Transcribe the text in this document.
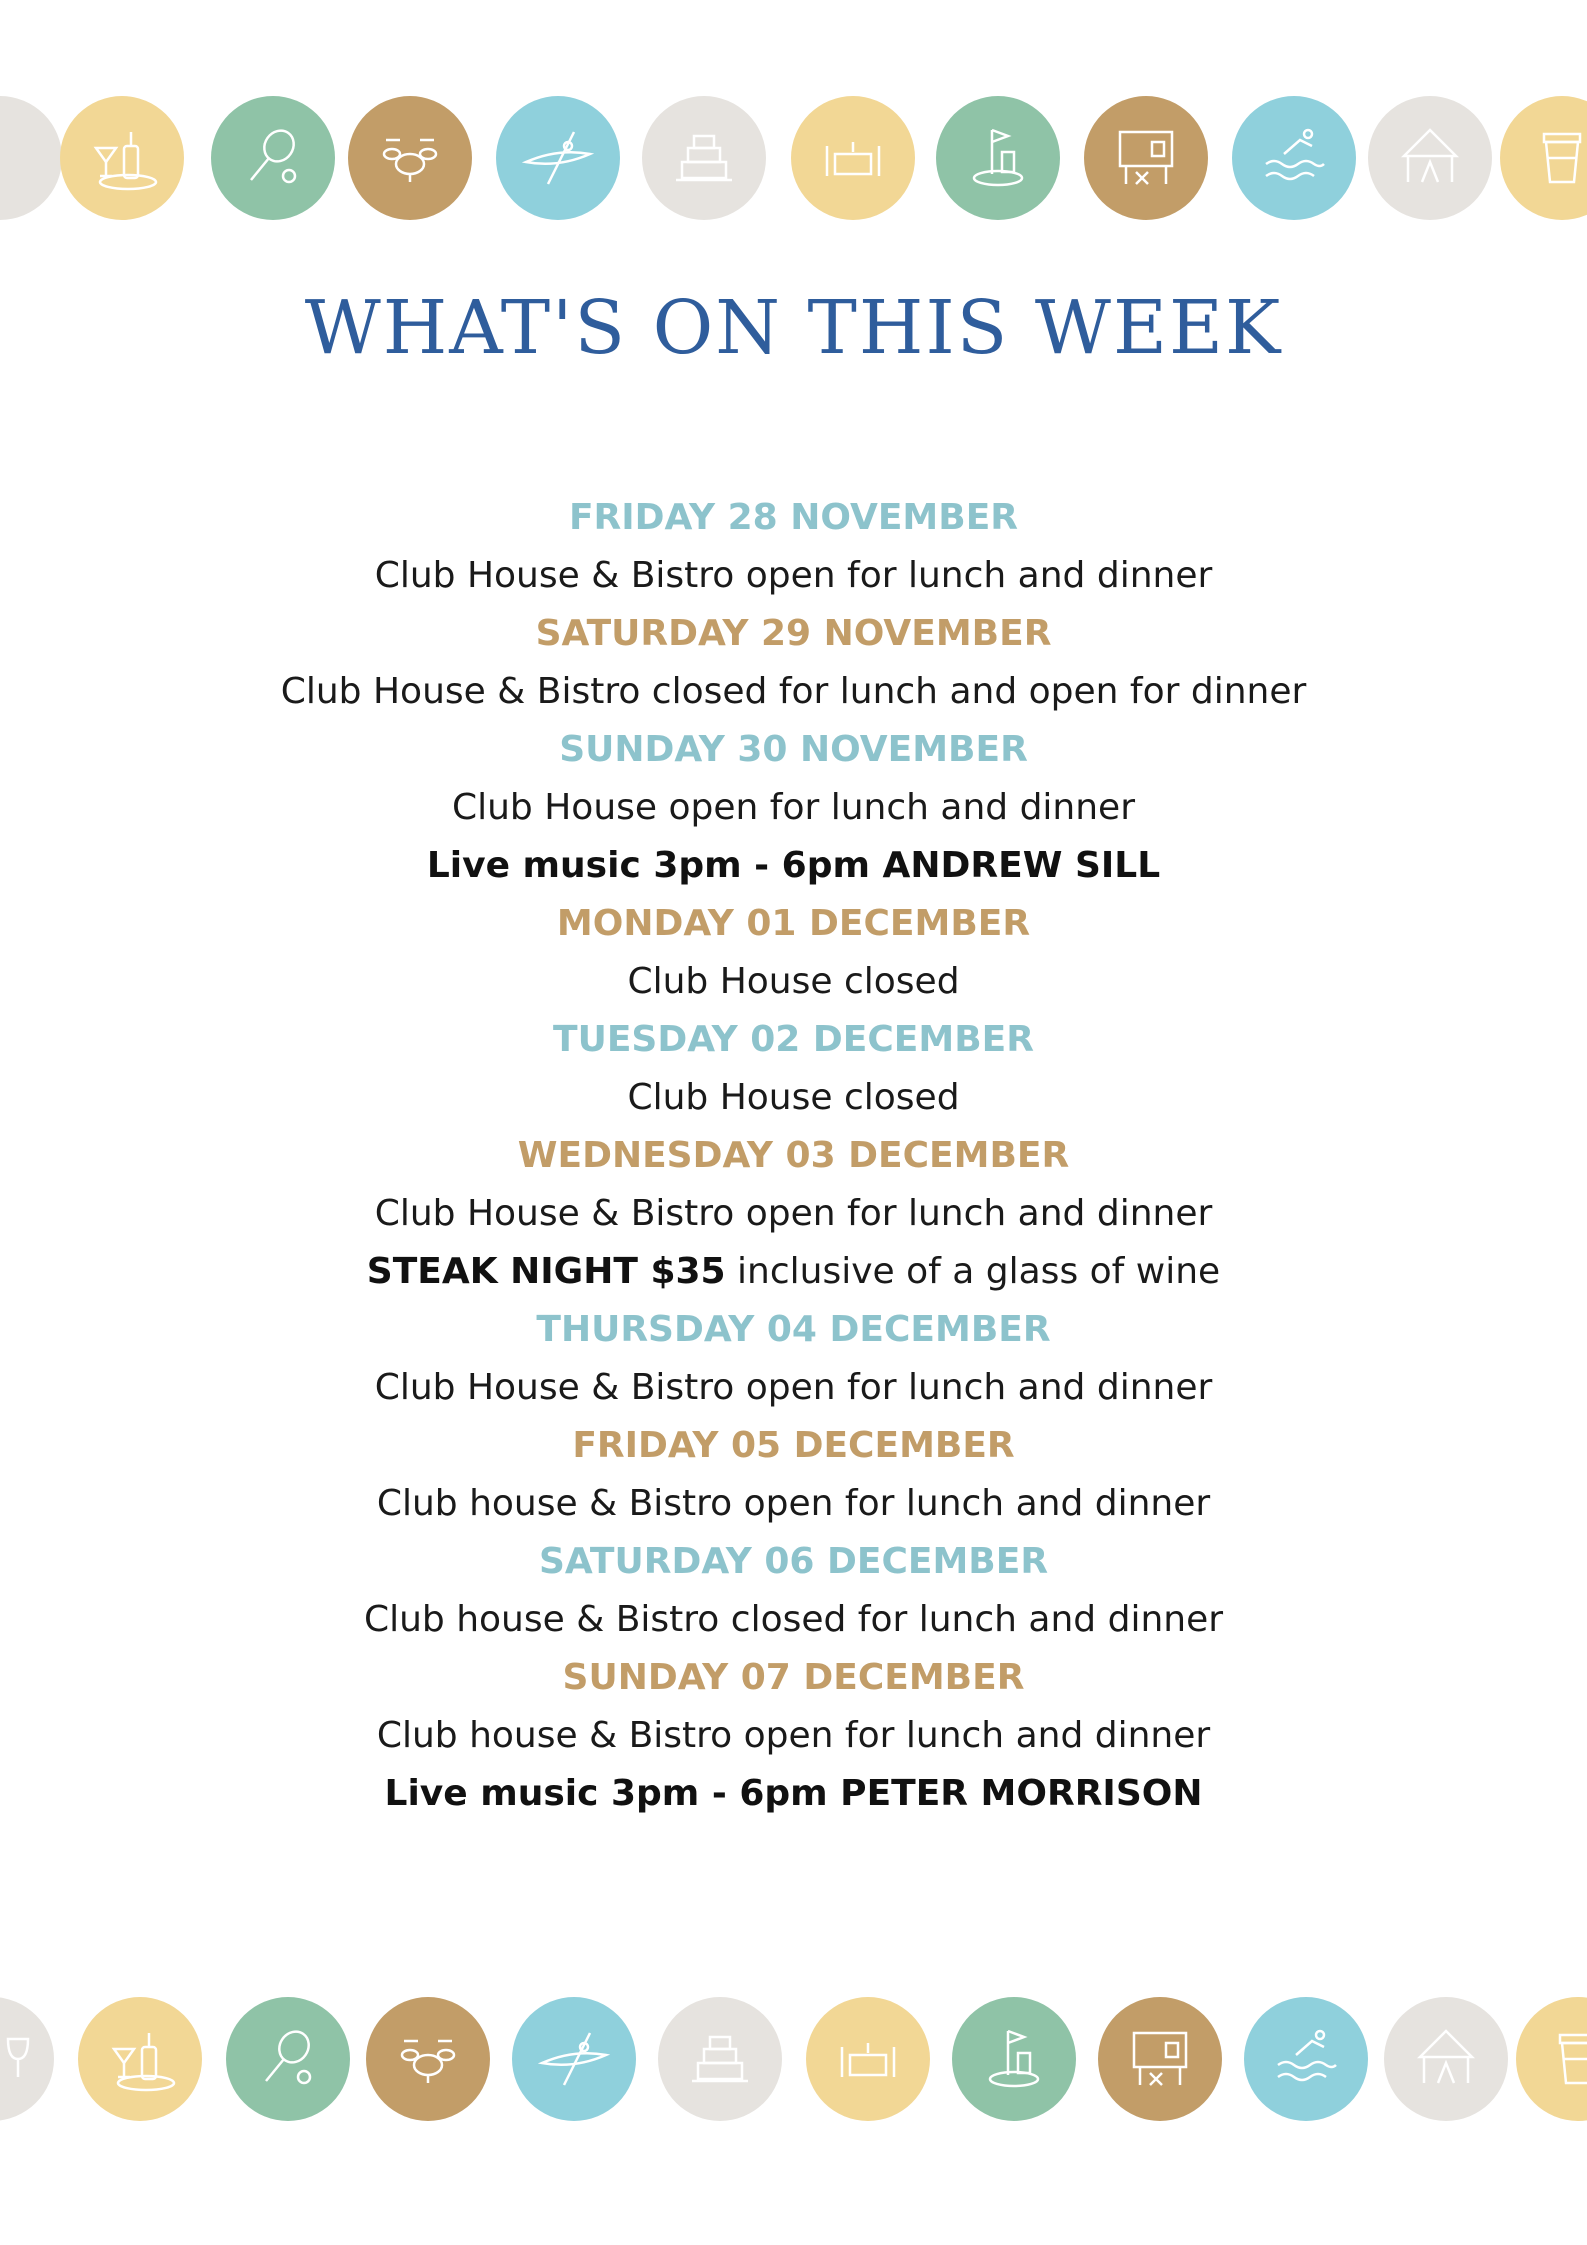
WHAT'S ON THIS WEEK
FRIDAY 28 NOVEMBER
Club House & Bistro open for lunch and dinner
SATURDAY 29 NOVEMBER
Club House & Bistro closed for lunch and open for dinner
SUNDAY 30 NOVEMBER
Club House open for lunch and dinner
Live music 3pm - 6pm ANDREW SILL
MONDAY 01 DECEMBER
Club House closed
TUESDAY 02 DECEMBER
Club House closed
WEDNESDAY 03 DECEMBER
Club House & Bistro open for lunch and dinner
STEAK NIGHT $35 inclusive of a glass of wine
THURSDAY 04 DECEMBER
Club House & Bistro open for lunch and dinner
FRIDAY 05 DECEMBER
Club house & Bistro open for lunch and dinner
SATURDAY 06 DECEMBER
Club house & Bistro closed for lunch and dinner
SUNDAY 07 DECEMBER
Club house & Bistro open for lunch and dinner
Live music 3pm - 6pm PETER MORRISON
